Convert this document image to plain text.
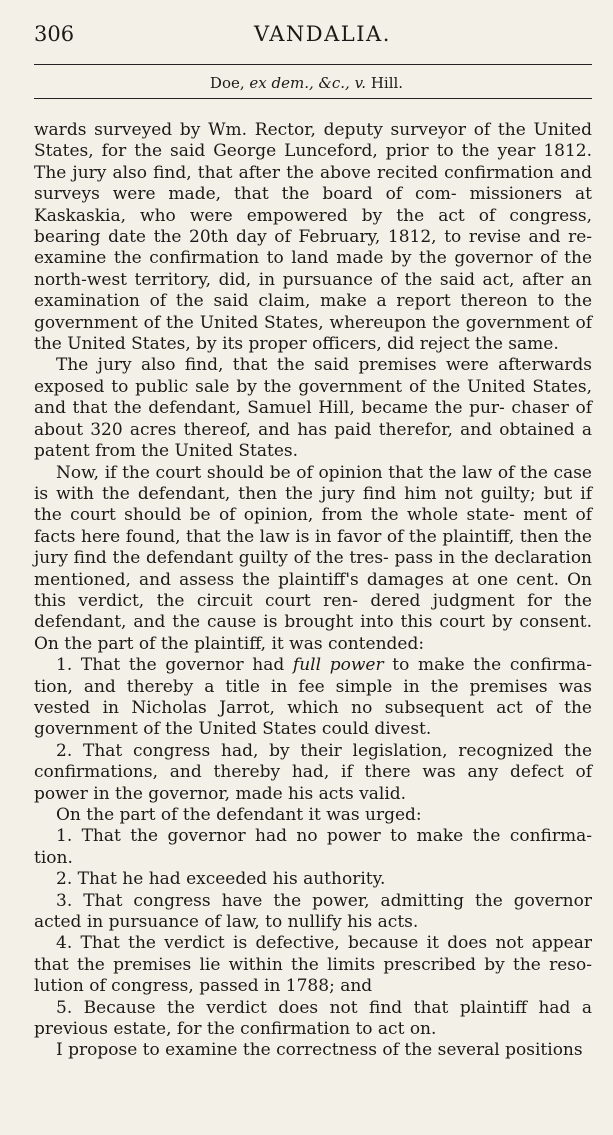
306	VANDALIA.
Doe, ex dem., &c., v. Hill.

wards surveyed by Wm. Rector, deputy surveyor of the United States, for the said George Lunceford, prior to the year 1812. The jury also find, that after the above recited confirmation and surveys were made, that the board of com- missioners at Kaskaskia, who were empowered by the act of congress, bearing date the 20th day of February, 1812, to revise and re-examine the confirmation to land made by the governor of the north-west territory, did, in pursuance of the said act, after an examination of the said claim, make a report thereon to the government of the United States, whereupon the government of the United States, by its proper officers, did reject the same.

The jury also find, that the said premises were afterwards exposed to public sale by the government of the United States, and that the defendant, Samuel Hill, became the pur- chaser of about 320 acres thereof, and has paid therefor, and obtained a patent from the United States.

Now, if the court should be of opinion that the law of the case is with the defendant, then the jury find him not guilty; but if the court should be of opinion, from the whole state- ment of facts here found, that the law is in favor of the plaintiff, then the jury find the defendant guilty of the tres- pass in the declaration mentioned, and assess the plaintiff's damages at one cent. On this verdict, the circuit court ren- dered judgment for the defendant, and the cause is brought into this court by consent. On the part of the plaintiff, it was contended:

1. That the governor had full power to make the confirma- tion, and thereby a title in fee simple in the premises was vested in Nicholas Jarrot, which no subsequent act of the government of the United States could divest.

2. That congress had, by their legislation, recognized the confirmations, and thereby had, if there was any defect of power in the governor, made his acts valid.

On the part of the defendant it was urged:

1. That the governor had no power to make the confirma- tion.

2. That he had exceeded his authority.

3. That congress have the power, admitting the governor acted in pursuance of law, to nullify his acts.

4. That the verdict is defective, because it does not appear that the premises lie within the limits prescribed by the reso- lution of congress, passed in 1788; and

5. Because the verdict does not find that plaintiff had a previous estate, for the confirmation to act on.

I propose to examine the correctness of the several positions
